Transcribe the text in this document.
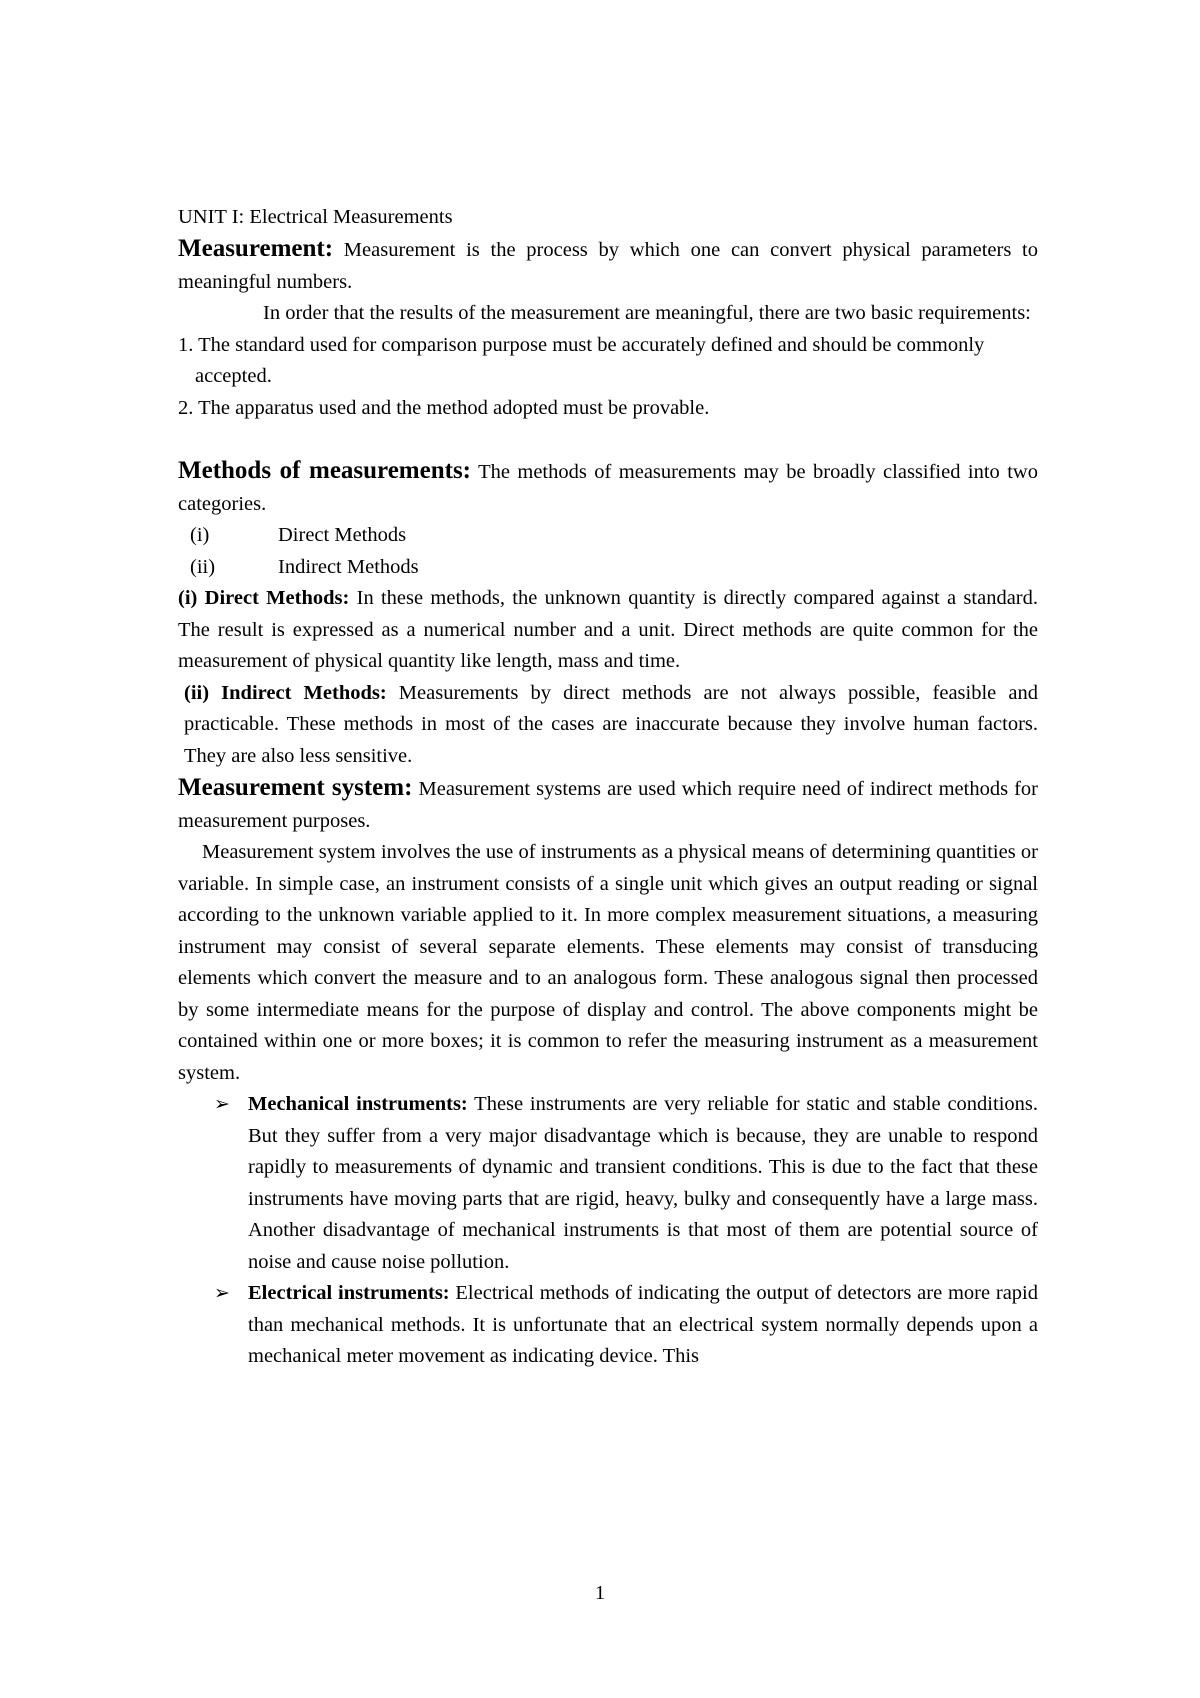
UNIT I: Electrical Measurements

Measurement: Measurement is the process by which one can convert physical parameters to meaningful numbers.

In order that the results of the measurement are meaningful, there are two basic requirements:

1. The standard used for comparison purpose must be accurately defined and should be commonly accepted.

2. The apparatus used and the method adopted must be provable.

Methods of measurements: The methods of measurements may be broadly classified into two categories.

(i)	Direct Methods
(ii)	Indirect Methods

(i) Direct Methods: In these methods, the unknown quantity is directly compared against a standard. The result is expressed as a numerical number and a unit. Direct methods are quite common for the measurement of physical quantity like length, mass and time.

(ii) Indirect Methods: Measurements by direct methods are not always possible, feasible and practicable. These methods in most of the cases are inaccurate because they involve human factors. They are also less sensitive.

Measurement system: Measurement systems are used which require need of indirect methods for measurement purposes.

Measurement system involves the use of instruments as a physical means of determining quantities or variable. In simple case, an instrument consists of a single unit which gives an output reading or signal according to the unknown variable applied to it. In more complex measurement situations, a measuring instrument may consist of several separate elements. These elements may consist of transducing elements which convert the measure and to an analogous form. These analogous signal then processed by some intermediate means for the purpose of display and control. The above components might be contained within one or more boxes; it is common to refer the measuring instrument as a measurement system.

➢ Mechanical instruments: These instruments are very reliable for static and stable conditions. But they suffer from a very major disadvantage which is because, they are unable to respond rapidly to measurements of dynamic and transient conditions. This is due to the fact that these instruments have moving parts that are rigid, heavy, bulky and consequently have a large mass. Another disadvantage of mechanical instruments is that most of them are potential source of noise and cause noise pollution.
➢ Electrical instruments: Electrical methods of indicating the output of detectors are more rapid than mechanical methods. It is unfortunate that an electrical system normally depends upon a mechanical meter movement as indicating device. This
1
